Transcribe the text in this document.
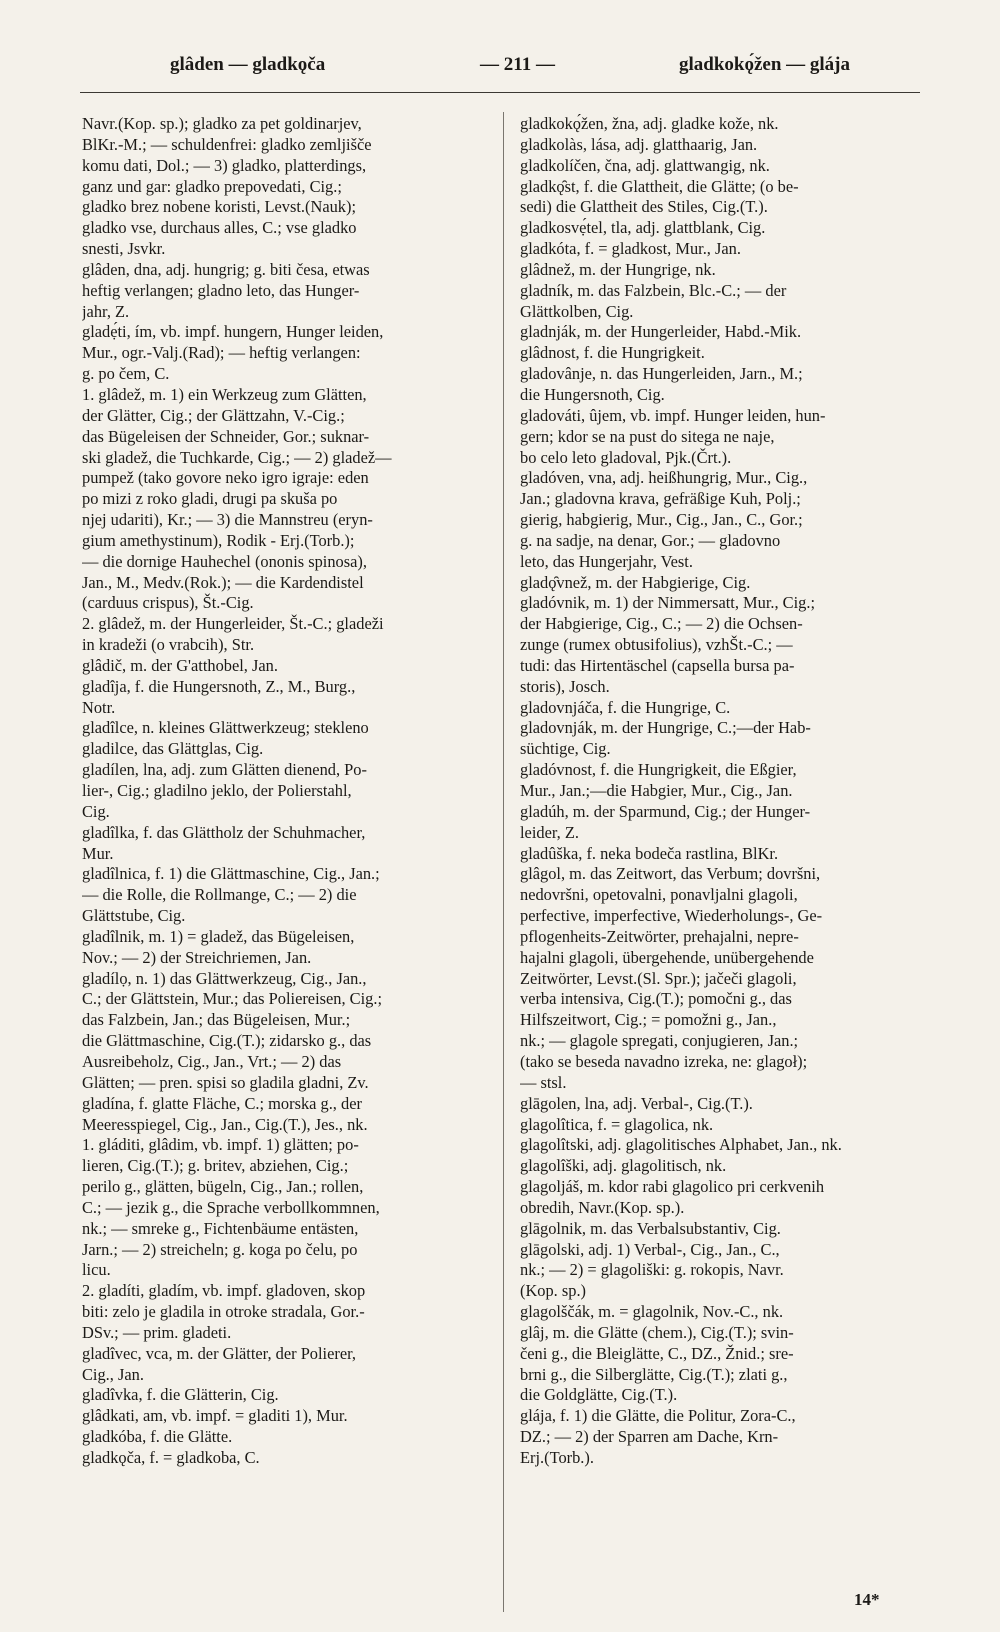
glâden — gladkǫča	— 211 —	gladkokǫ́žen — glája
Navr.(Kop. sp.); gladko za pet goldinarjev,
BlKr.-M.; — schuldenfrei: gladko zemljišče
komu dati, Dol.; — 3) gladko, platterdings,
ganz und gar: gladko prepovedati, Cig.;
gladko brez nobene koristi, Levst.(Nauk);
gladko vse, durchaus alles, C.; vse gladko
snesti, Jsvkr.
glâden, dna, adj. hungrig; g. biti česa, etwas
heftig verlangen; gladno leto, das Hunger-
jahr, Z.
gladẹ́ti, ím, vb. impf. hungern, Hunger leiden,
Mur., ogr.-Valj.(Rad); — heftig verlangen:
g. po čem, C.
1. glâdež, m. 1) ein Werkzeug zum Glätten,
der Glätter, Cig.; der Glättzahn, V.-Cig.;
das Bügeleisen der Schneider, Gor.; suknar-
ski gladež, die Tuchkarde, Cig.; — 2) gladež—
pumpež (tako govore neko igro igraje: eden
po mizi z roko gladi, drugi pa skuša po
njej udariti), Kr.; — 3) die Mannstreu (eryn-
gium amethystinum), Rodik - Erj.(Torb.);
— die dornige Hauhechel (ononis spinosa),
Jan., M., Medv.(Rok.); — die Kardendistel
(carduus crispus), Št.-Cig.
2. glâdež, m. der Hungerleider, Št.-C.; gladeži
in kradeži (o vrabcih), Str.
glâdič, m. der G'atthobel, Jan.
gladîja, f. die Hungersnoth, Z., M., Burg.,
Notr.
gladîlce, n. kleines Glättwerkzeug; stekleno
gladilce, das Glättglas, Cig.
gladílen, lna, adj. zum Glätten dienend, Po-
lier-, Cig.; gladilno jeklo, der Polierstahl,
Cig.
gladîlka, f. das Glättholz der Schuhmacher,
Mur.
gladîlnica, f. 1) die Glättmaschine, Cig., Jan.;
— die Rolle, die Rollmange, C.; — 2) die
Glättstube, Cig.
gladîlnik, m. 1) = gladež, das Bügeleisen,
Nov.; — 2) der Streichriemen, Jan.
gladílọ, n. 1) das Glättwerkzeug, Cig., Jan.,
C.; der Glättstein, Mur.; das Poliereisen, Cig.;
das Falzbein, Jan.; das Bügeleisen, Mur.;
die Glättmaschine, Cig.(T.); zidarsko g., das
Ausreibeholz, Cig., Jan., Vrt.; — 2) das
Glätten; — pren. spisi so gladila gladni, Zv.
gladína, f. glatte Fläche, C.; morska g., der
Meeresspiegel, Cig., Jan., Cig.(T.), Jes., nk.
1. gláditi, glâdim, vb. impf. 1) glätten; po-
lieren, Cig.(T.); g. britev, abziehen, Cig.;
perilo g., glätten, bügeln, Cig., Jan.; rollen,
C.; — jezik g., die Sprache verbollkommnen,
nk.; — smreke g., Fichtenbäume entästen,
Jarn.; — 2) streicheln; g. koga po čelu, po
licu.
2. gladíti, gladím, vb. impf. gladoven, skop
biti: zelo je gladila in otroke stradala, Gor.-
DSv.; — prim. gladeti.
gladîvec, vca, m. der Glätter, der Polierer,
Cig., Jan.
gladîvka, f. die Glätterin, Cig.
glâdkati, am, vb. impf. = gladiti 1), Mur.
gladkóba, f. die Glätte.
gladkǫča, f. = gladkoba, C.
gladkokǫ́žen, žna, adj. gladke kože, nk.
gladkolàs, lása, adj. glatthaarig, Jan.
gladkolíčen, čna, adj. glattwangig, nk.
gladkǫ̑st, f. die Glattheit, die Glätte; (o be-
sedi) die Glattheit des Stiles, Cig.(T.).
gladkosvẹ́tel, tla, adj. glattblank, Cig.
gladkóta, f. = gladkost, Mur., Jan.
glâdnež, m. der Hungrige, nk.
gladník, m. das Falzbein, Blc.-C.; — der
Glättkolben, Cig.
gladnják, m. der Hungerleider, Habd.-Mik.
glâdnost, f. die Hungrigkeit.
gladovânje, n. das Hungerleiden, Jarn., M.;
die Hungersnoth, Cig.
gladováti, ûjem, vb. impf. Hunger leiden, hun-
gern; kdor se na pust do sitega ne naje,
bo celo leto gladoval, Pjk.(Črt.).
gladóven, vna, adj. heißhungrig, Mur., Cig.,
Jan.; gladovna krava, gefräßige Kuh, Polj.;
gierig, habgierig, Mur., Cig., Jan., C., Gor.;
g. na sadje, na denar, Gor.; — gladovno
leto, das Hungerjahr, Vest.
gladǫ̑vnež, m. der Habgierige, Cig.
gladóvnik, m. 1) der Nimmersatt, Mur., Cig.;
der Habgierige, Cig., C.; — 2) die Ochsen-
zunge (rumex obtusifolius), vzhŠt.-C.; —
tudi: das Hirtentäschel (capsella bursa pa-
storis), Josch.
gladovnjáča, f. die Hungrige, C.
gladovnják, m. der Hungrige, C.;—der Hab-
süchtige, Cig.
gladóvnost, f. die Hungrigkeit, die Eßgier,
Mur., Jan.;—die Habgier, Mur., Cig., Jan.
gladúh, m. der Sparmund, Cig.; der Hunger-
leider, Z.
gladûška, f. neka bodeča rastlina, BlKr.
glâgol, m. das Zeitwort, das Verbum; dovršni,
nedovršni, opetovalni, ponavljalni glagoli,
perfective, imperfective, Wiederholungs-, Ge-
pflogenheits-Zeitwörter, prehajalni, nepre-
hajalni glagoli, übergehende, unübergehende
Zeitwörter, Levst.(Sl. Spr.); jačeči glagoli,
verba intensiva, Cig.(T.); pomočni g., das
Hilfszeitwort, Cig.; = pomožni g., Jan.,
nk.; — glagole spregati, conjugieren, Jan.;
(tako se beseda navadno izreka, ne: glagoł);
— stsl.
glāgolen, lna, adj. Verbal-, Cig.(T.).
glagolîtica, f. = glagolica, nk.
glagolîtski, adj. glagolitisches Alphabet, Jan., nk.
glagolîški, adj. glagolitisch, nk.
glagoljáš, m. kdor rabi glagolico pri cerkvenih
obredih, Navr.(Kop. sp.).
glāgolnik, m. das Verbalsubstantiv, Cig.
glāgolski, adj. 1) Verbal-, Cig., Jan., C.,
nk.; — 2) = glagoliški: g. rokopis, Navr.
(Kop. sp.)
glagolščák, m. = glagolnik, Nov.-C., nk.
glâj, m. die Glätte (chem.), Cig.(T.); svin-
čeni g., die Bleiglätte, C., DZ., Žnid.; sre-
brni g., die Silberglätte, Cig.(T.); zlati g.,
die Goldglätte, Cig.(T.).
glája, f. 1) die Glätte, die Politur, Zora-C.,
DZ.; — 2) der Sparren am Dache, Krn-
Erj.(Torb.).
14*
